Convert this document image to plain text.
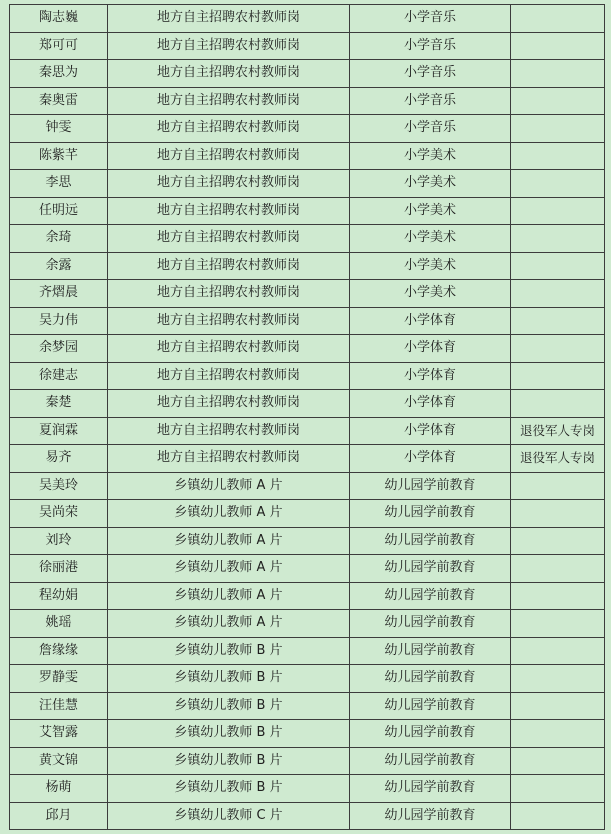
陶志巍	地方自主招聘农村教师岗	小学音乐	
郑可可	地方自主招聘农村教师岗	小学音乐	
秦思为	地方自主招聘农村教师岗	小学音乐	
秦奥雷	地方自主招聘农村教师岗	小学音乐	
钟雯	地方自主招聘农村教师岗	小学音乐	
陈紫芊	地方自主招聘农村教师岗	小学美术	
李思	地方自主招聘农村教师岗	小学美术	
任明远	地方自主招聘农村教师岗	小学美术	
余琦	地方自主招聘农村教师岗	小学美术	
余露	地方自主招聘农村教师岗	小学美术	
齐熠晨	地方自主招聘农村教师岗	小学美术	
吴力伟	地方自主招聘农村教师岗	小学体育	
余梦园	地方自主招聘农村教师岗	小学体育	
徐建志	地方自主招聘农村教师岗	小学体育	
秦楚	地方自主招聘农村教师岗	小学体育	
夏润霖	地方自主招聘农村教师岗	小学体育	退役军人专岗
易齐	地方自主招聘农村教师岗	小学体育	退役军人专岗
吴美玲	乡镇幼儿教师 A 片	幼儿园学前教育	
吴尚荣	乡镇幼儿教师 A 片	幼儿园学前教育	
刘玲	乡镇幼儿教师 A 片	幼儿园学前教育	
徐丽港	乡镇幼儿教师 A 片	幼儿园学前教育	
程幼娟	乡镇幼儿教师 A 片	幼儿园学前教育	
姚瑶	乡镇幼儿教师 A 片	幼儿园学前教育	
詹缘缘	乡镇幼儿教师 B 片	幼儿园学前教育	
罗静雯	乡镇幼儿教师 B 片	幼儿园学前教育	
汪佳慧	乡镇幼儿教师 B 片	幼儿园学前教育	
艾智露	乡镇幼儿教师 B 片	幼儿园学前教育	
黄文锦	乡镇幼儿教师 B 片	幼儿园学前教育	
杨萌	乡镇幼儿教师 B 片	幼儿园学前教育	
邱月	乡镇幼儿教师 C 片	幼儿园学前教育	
